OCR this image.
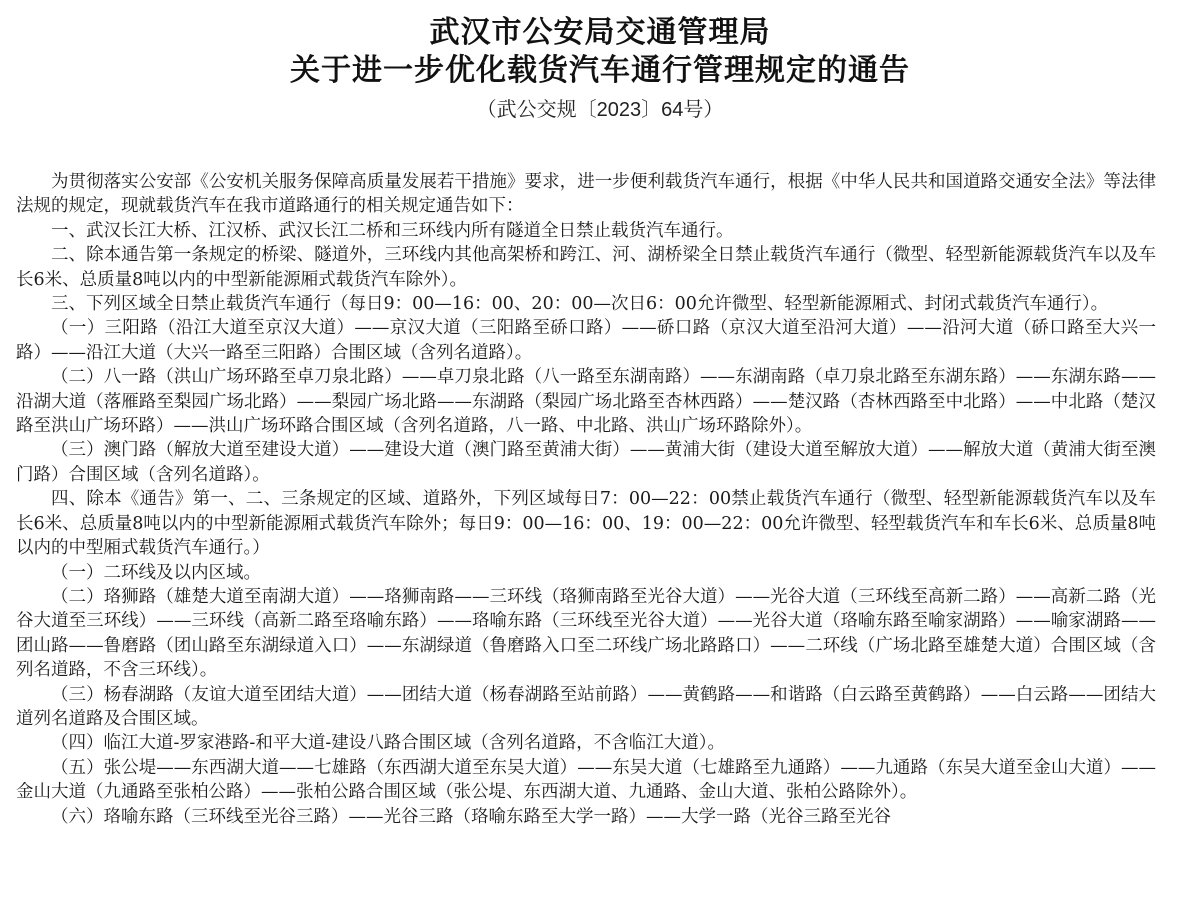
武汉市公安局交通管理局
关于进一步优化载货汽车通行管理规定的通告
（武公交规〔2023〕64号）

为贯彻落实公安部《公安机关服务保障高质量发展若干措施》要求，进一步便利载货汽车通行，根据《中华人民共和国道路交通安全法》等法律法规的规定，现就载货汽车在我市道路通行的相关规定通告如下：

一、武汉长江大桥、江汉桥、武汉长江二桥和三环线内所有隧道全日禁止载货汽车通行。

二、除本通告第一条规定的桥梁、隧道外，三环线内其他高架桥和跨江、河、湖桥梁全日禁止载货汽车通行（微型、轻型新能源载货汽车以及车长6米、总质量8吨以内的中型新能源厢式载货汽车除外）。

三、下列区域全日禁止载货汽车通行（每日9：00—16：00、20：00—次日6：00允许微型、轻型新能源厢式、封闭式载货汽车通行）。

（一）三阳路（沿江大道至京汉大道）——京汉大道（三阳路至硚口路）——硚口路（京汉大道至沿河大道）——沿河大道（硚口路至大兴一路）——沿江大道（大兴一路至三阳路）合围区域（含列名道路）。

（二）八一路（洪山广场环路至卓刀泉北路）——卓刀泉北路（八一路至东湖南路）——东湖南路（卓刀泉北路至东湖东路）——东湖东路——沿湖大道（落雁路至梨园广场北路）——梨园广场北路——东湖路（梨园广场北路至杏林西路）——楚汉路（杏林西路至中北路）——中北路（楚汉路至洪山广场环路）——洪山广场环路合围区域（含列名道路，八一路、中北路、洪山广场环路除外）。

（三）澳门路（解放大道至建设大道）——建设大道（澳门路至黄浦大街）——黄浦大街（建设大道至解放大道）——解放大道（黄浦大街至澳门路）合围区域（含列名道路）。

四、除本《通告》第一、二、三条规定的区域、道路外，下列区域每日7：00—22：00禁止载货汽车通行（微型、轻型新能源载货汽车以及车长6米、总质量8吨以内的中型新能源厢式载货汽车除外；每日9：00—16：00、19：00—22：00允许微型、轻型载货汽车和车长6米、总质量8吨以内的中型厢式载货汽车通行。）

（一）二环线及以内区域。

（二）珞狮路（雄楚大道至南湖大道）——珞狮南路——三环线（珞狮南路至光谷大道）——光谷大道（三环线至高新二路）——高新二路（光谷大道至三环线）——三环线（高新二路至珞喻东路）——珞喻东路（三环线至光谷大道）——光谷大道（珞喻东路至喻家湖路）——喻家湖路——团山路——鲁磨路（团山路至东湖绿道入口）——东湖绿道（鲁磨路入口至二环线广场北路路口）——二环线（广场北路至雄楚大道）合围区域（含列名道路，不含三环线）。

（三）杨春湖路（友谊大道至团结大道）——团结大道（杨春湖路至站前路）——黄鹤路——和谐路（白云路至黄鹤路）——白云路——团结大道列名道路及合围区域。

（四）临江大道-罗家港路-和平大道-建设八路合围区域（含列名道路，不含临江大道）。

（五）张公堤——东西湖大道——七雄路（东西湖大道至东吴大道）——东吴大道（七雄路至九通路）——九通路（东吴大道至金山大道）——金山大道（九通路至张柏公路）——张柏公路合围区域（张公堤、东西湖大道、九通路、金山大道、张柏公路除外）。

（六）珞喻东路（三环线至光谷三路）——光谷三路（珞喻东路至大学一路）——大学一路（光谷三路至光谷
